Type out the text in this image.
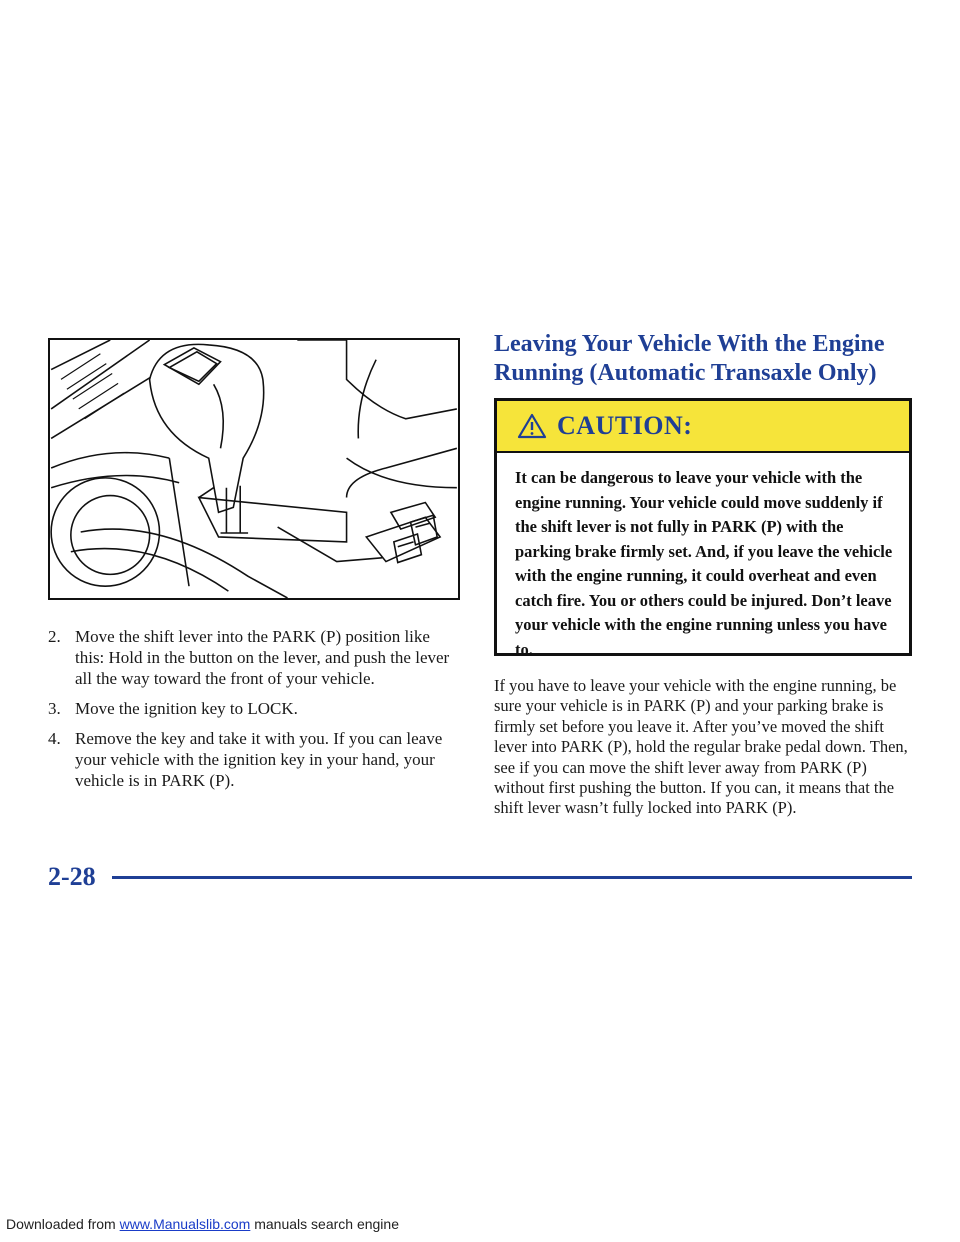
2. Move the shift lever into the PARK (P) position like this: Hold in the button on the lever, and push the lever all the way toward the front of your vehicle.
3. Move the ignition key to LOCK.
4. Remove the key and take it with you. If you can leave your vehicle with the ignition key in your hand, your vehicle is in PARK (P).
Leaving Your Vehicle With the Engine Running (Automatic Transaxle Only)
CAUTION:
It can be dangerous to leave your vehicle with the engine running. Your vehicle could move suddenly if the shift lever is not fully in PARK (P) with the parking brake firmly set. And, if you leave the vehicle with the engine running, it could overheat and even catch fire. You or others could be injured. Don’t leave your vehicle with the engine running unless you have to.
If you have to leave your vehicle with the engine running, be sure your vehicle is in PARK (P) and your parking brake is firmly set before you leave it. After you’ve moved the shift lever into PARK (P), hold the regular brake pedal down. Then, see if you can move the shift lever away from PARK (P) without first pushing the button. If you can, it means that the shift lever wasn’t fully locked into PARK (P).
2-28
Downloaded from www.Manualslib.com manuals search engine
